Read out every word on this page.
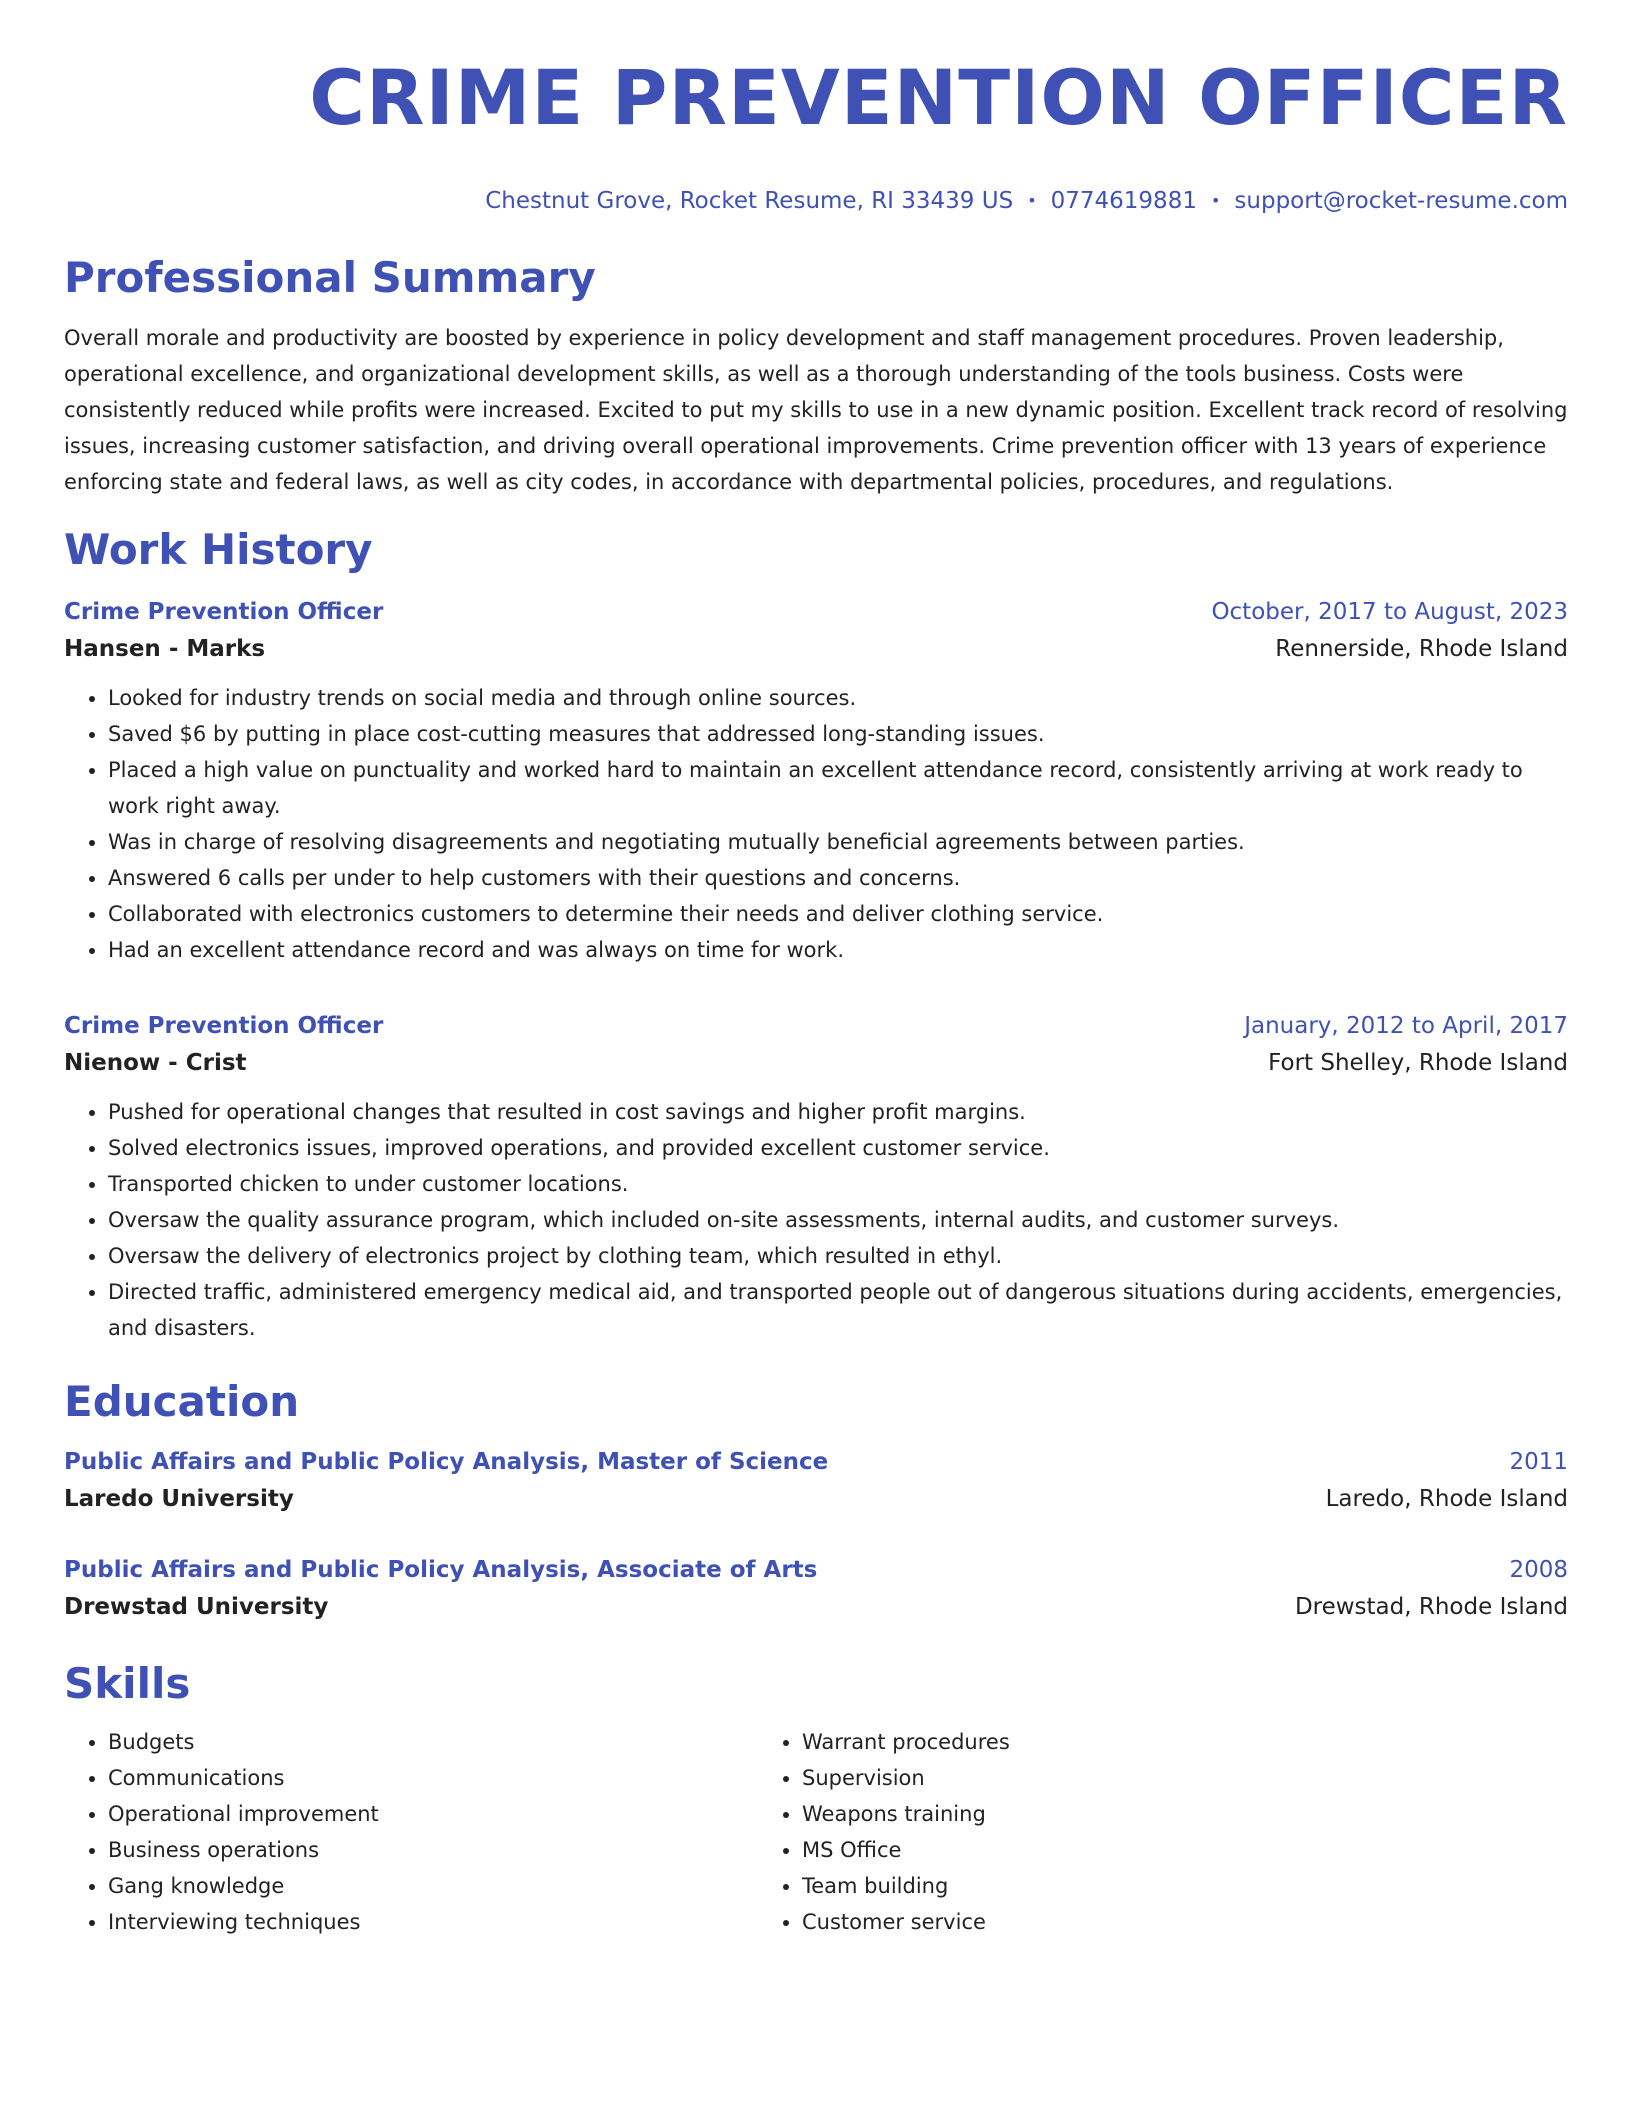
CRIME PREVENTION OFFICER
Chestnut Grove, Rocket Resume, RI 33439 US • 0774619881 • support@rocket-resume.com
Professional Summary
Overall morale and productivity are boosted by experience in policy development and staff management procedures. Proven leadership, operational excellence, and organizational development skills, as well as a thorough understanding of the tools business. Costs were consistently reduced while profits were increased. Excited to put my skills to use in a new dynamic position. Excellent track record of resolving issues, increasing customer satisfaction, and driving overall operational improvements. Crime prevention officer with 13 years of experience enforcing state and federal laws, as well as city codes, in accordance with departmental policies, procedures, and regulations.
Work History
Crime Prevention Officer	October, 2017 to August, 2023
Hansen - Marks	Rennerside, Rhode Island
• Looked for industry trends on social media and through online sources.
• Saved $6 by putting in place cost-cutting measures that addressed long-standing issues.
• Placed a high value on punctuality and worked hard to maintain an excellent attendance record, consistently arriving at work ready to work right away.
• Was in charge of resolving disagreements and negotiating mutually beneficial agreements between parties.
• Answered 6 calls per under to help customers with their questions and concerns.
• Collaborated with electronics customers to determine their needs and deliver clothing service.
• Had an excellent attendance record and was always on time for work.
Crime Prevention Officer	January, 2012 to April, 2017
Nienow - Crist	Fort Shelley, Rhode Island
• Pushed for operational changes that resulted in cost savings and higher profit margins.
• Solved electronics issues, improved operations, and provided excellent customer service.
• Transported chicken to under customer locations.
• Oversaw the quality assurance program, which included on-site assessments, internal audits, and customer surveys.
• Oversaw the delivery of electronics project by clothing team, which resulted in ethyl.
• Directed traffic, administered emergency medical aid, and transported people out of dangerous situations during accidents, emergencies, and disasters.
Education
Public Affairs and Public Policy Analysis, Master of Science	2011
Laredo University	Laredo, Rhode Island
Public Affairs and Public Policy Analysis, Associate of Arts	2008
Drewstad University	Drewstad, Rhode Island
Skills
• Budgets
• Communications
• Operational improvement
• Business operations
• Gang knowledge
• Interviewing techniques
• Warrant procedures
• Supervision
• Weapons training
• MS Office
• Team building
• Customer service
